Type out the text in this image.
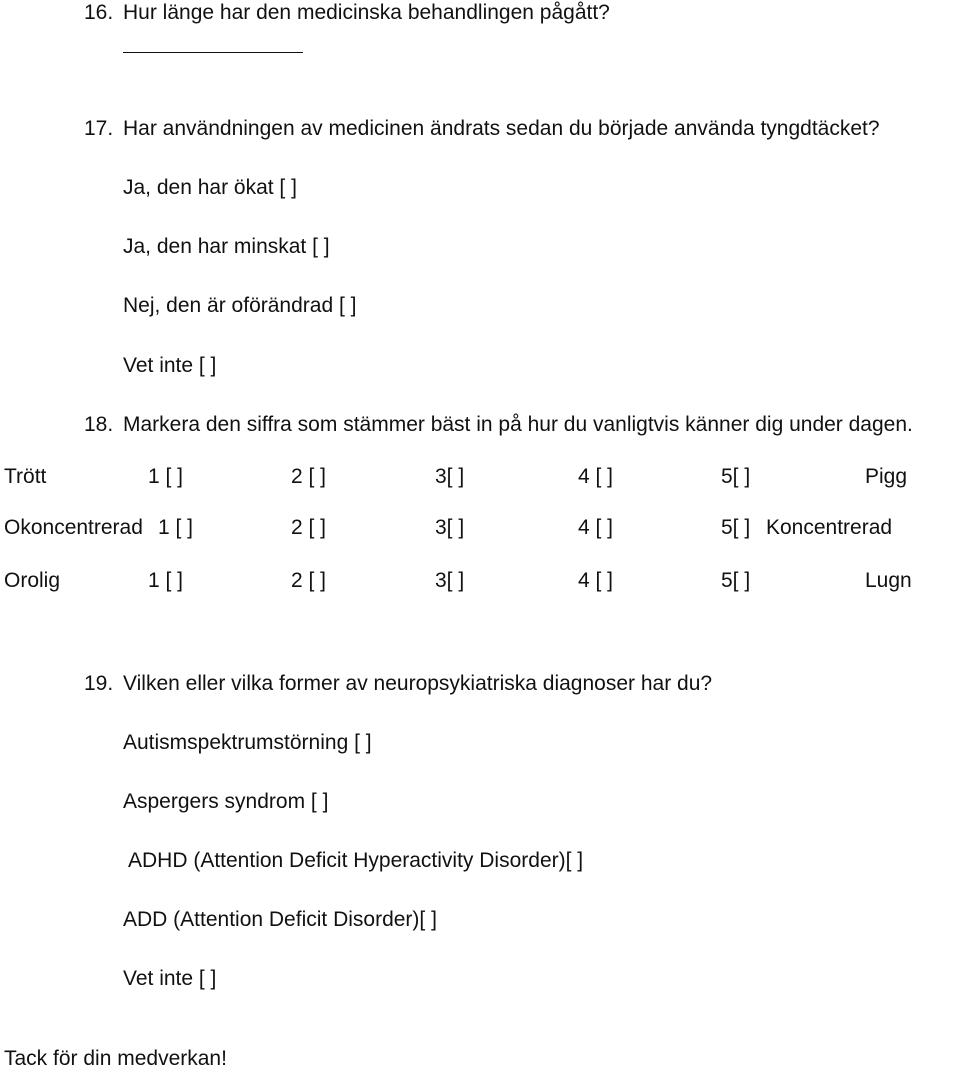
16. Hur länge har den medicinska behandlingen pågått?
17. Har användningen av medicinen ändrats sedan du började använda tyngdtäcket?
Ja, den har ökat [ ]
Ja, den har minskat [ ]
Nej, den är oförändrad [ ]
Vet inte [ ]
18. Markera den siffra som stämmer bäst in på hur du vanligtvis känner dig under dagen.
Trött	1 [ ]	2 [ ]	3[ ]	4 [ ]	5[ ]	Pigg
Okoncentrerad 1 [ ]	2 [ ]	3[ ]	4 [ ]	5[ ] Koncentrerad
Orolig	1 [ ]	2 [ ]	3[ ]	4 [ ]	5[ ]	Lugn
19. Vilken eller vilka former av neuropsykiatriska diagnoser har du?
Autismspektrumstörning [ ]
Aspergers syndrom [ ]
ADHD (Attention Deficit Hyperactivity Disorder)[ ]
ADD (Attention Deficit Disorder)[ ]
Vet inte [ ]
Tack för din medverkan!
